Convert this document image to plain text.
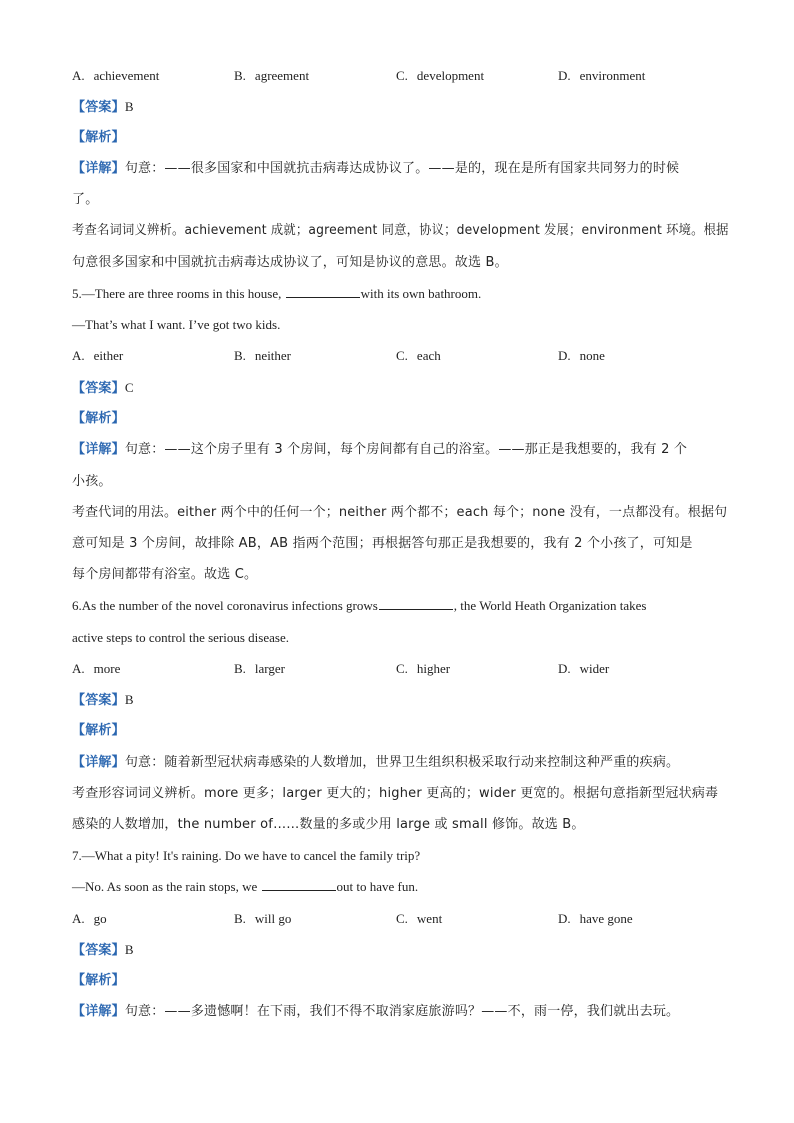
A. achievement	B. agreement	C. development	D. environment
【答案】B
【解析】
【详解】句意：——很多国家和中国就抗击病毒达成协议了。——是的，现在是所有国家共同努力的时候
了。
考查名词词义辨析。achievement 成就；agreement 同意，协议；development 发展；environment 环境。根据
句意很多国家和中国就抗击病毒达成协议了，可知是协议的意思。故选 B。
5.—There are three rooms in this house,	with its own bathroom.
—That’s what I want. I’ve got two kids.
A. either	B. neither	C. each	D. none
【答案】C
【解析】
【详解】句意：——这个房子里有 3 个房间，每个房间都有自己的浴室。——那正是我想要的，我有 2 个
小孩。
考查代词的用法。either 两个中的任何一个；neither 两个都不；each 每个；none 没有，一点都没有。根据句
意可知是 3 个房间，故排除 AB，AB 指两个范围；再根据答句那正是我想要的，我有 2 个小孩了，可知是
每个房间都带有浴室。故选 C。
6.As the number of the novel coronavirus infections grows	, the World Heath Organization takes
active steps to control the serious disease.
A. more	B. larger	C. higher	D. wider
【答案】B
【解析】
【详解】句意：随着新型冠状病毒感染的人数增加，世界卫生组织积极采取行动来控制这种严重的疾病。
考查形容词词义辨析。more 更多；larger 更大的；higher 更高的；wider 更宽的。根据句意指新型冠状病毒
感染的人数增加，the number of……数量的多或少用 large 或 small 修饰。故选 B。
7.—What a pity! It's raining. Do we have to cancel the family trip?
—No. As soon as the rain stops, we	out to have fun.
A. go	B. will go	C. went	D. have gone
【答案】B
【解析】
【详解】句意：——多遗憾啊！在下雨，我们不得不取消家庭旅游吗？——不，雨一停，我们就出去玩。
